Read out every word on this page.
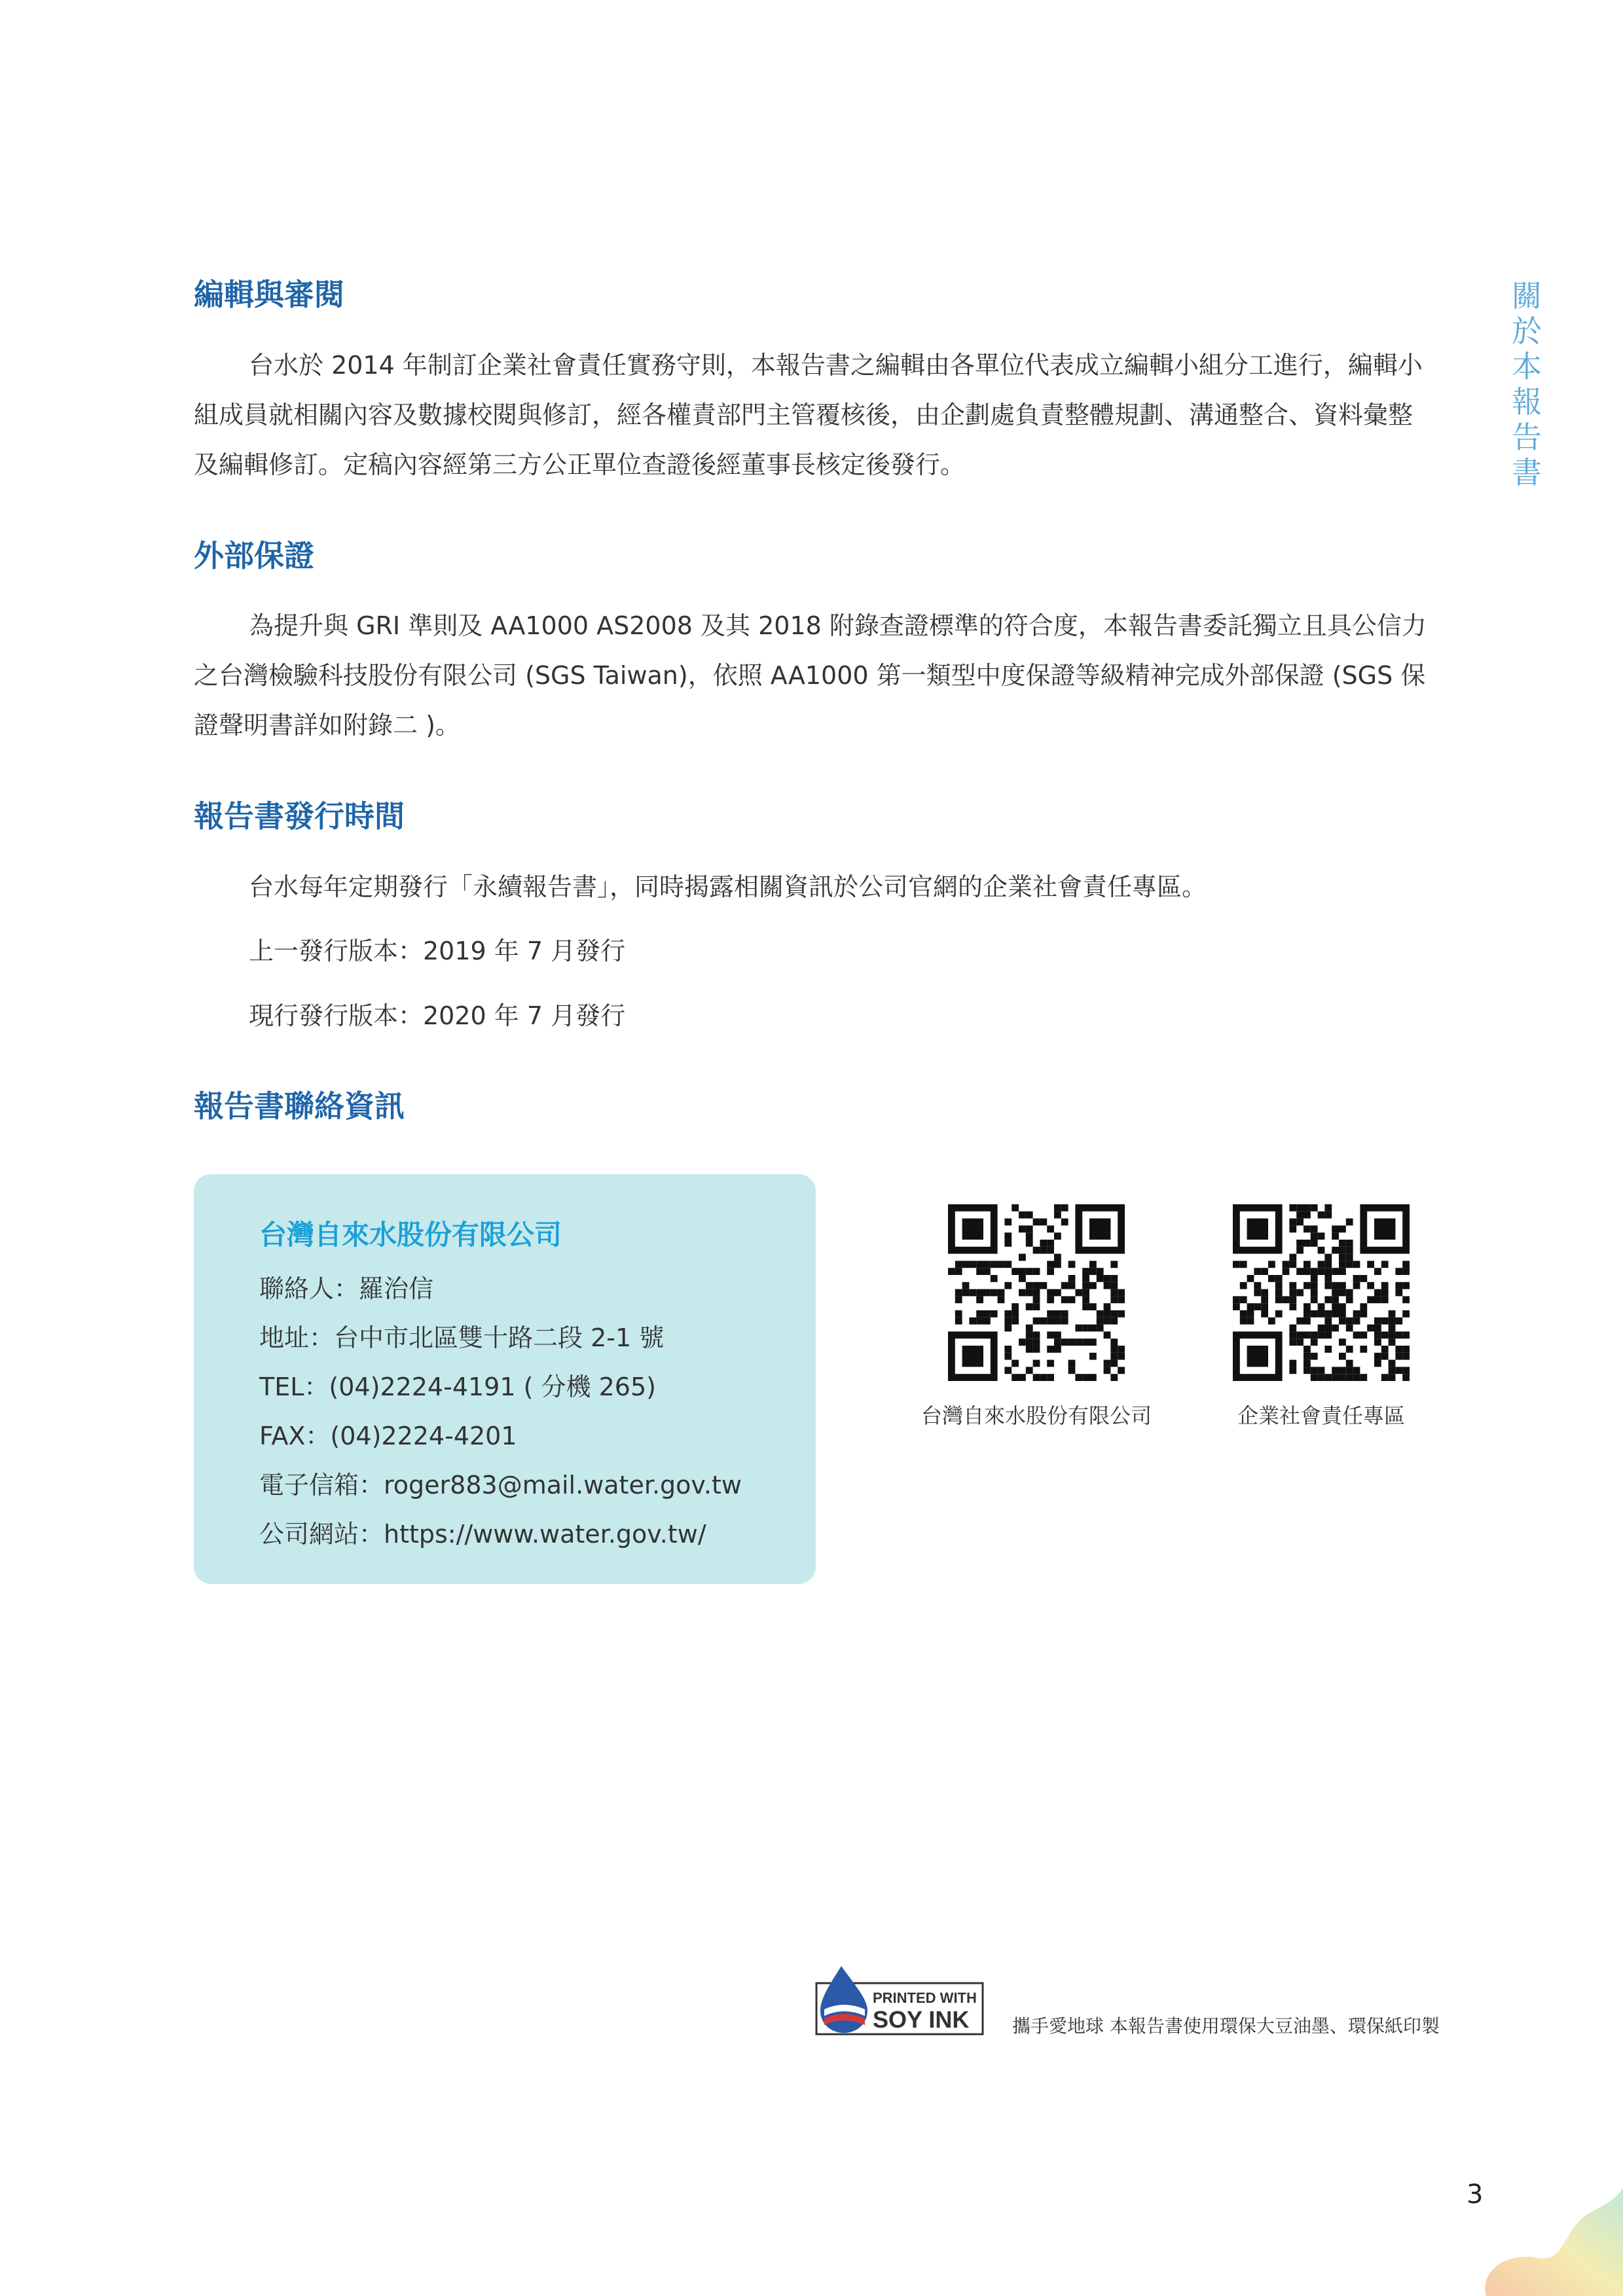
關於本報告書
編輯與審閱

台水於 2014 年制訂企業社會責任實務守則，本報告書之編輯由各單位代表成立編輯小組分工進行，編輯小組成員就相關內容及數據校閱與修訂，經各權責部門主管覆核後，由企劃處負責整體規劃、溝通整合、資料彙整及編輯修訂。定稿內容經第三方公正單位查證後經董事長核定後發行。

外部保證

為提升與 GRI 準則及 AA1000 AS2008 及其 2018 附錄查證標準的符合度，本報告書委託獨立且具公信力之台灣檢驗科技股份有限公司 (SGS Taiwan)，依照 AA1000 第一類型中度保證等級精神完成外部保證 (SGS 保證聲明書詳如附錄二 )。

報告書發行時間

台水每年定期發行「永續報告書」，同時揭露相關資訊於公司官網的企業社會責任專區。

上一發行版本：2019 年 7 月發行

現行發行版本：2020 年 7 月發行

報告書聯絡資訊

台灣自來水股份有限公司

聯絡人：羅治信

地址：台中市北區雙十路二段 2-1 號

TEL：(04)2224-4191 ( 分機 265)

FAX：(04)2224-4201

電子信箱：roger883@mail.water.gov.tw

公司網站：https://www.water.gov.tw/

台灣自來水股份有限公司	企業社會責任專區
PRINTED WITH
SOY INK 攜手愛地球 本報告書使用環保大豆油墨、環保紙印製
3
